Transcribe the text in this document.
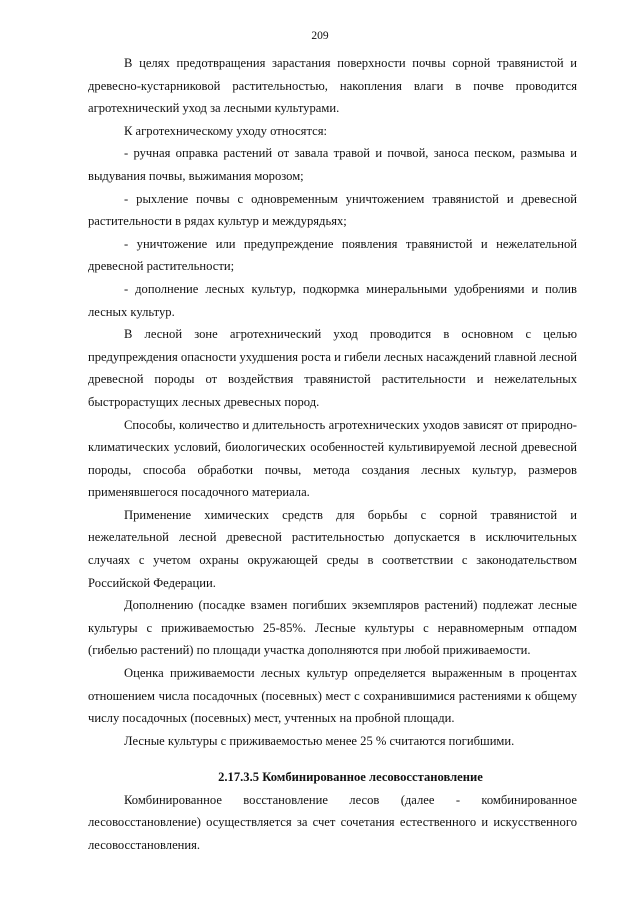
209

В целях предотвращения зарастания поверхности почвы сорной травянистой и древесно-кустарниковой растительностью, накопления влаги в почве проводится агротехнический уход за лесными культурами.

К агротехническому уходу относятся:

- ручная оправка растений от завала травой и почвой, заноса песком, размыва и выдувания почвы, выжимания морозом;

- рыхление почвы с одновременным уничтожением травянистой и древесной растительности в рядах культур и междурядьях;

- уничтожение или предупреждение появления травянистой и нежелательной древесной растительности;

- дополнение лесных культур, подкормка минеральными удобрениями и полив лесных культур.

В лесной зоне агротехнический уход проводится в основном с целью предупреждения опасности ухудшения роста и гибели лесных насаждений главной лесной древесной породы от воздействия травянистой растительности и нежелательных быстрорастущих лесных древесных пород.

Способы, количество и длительность агротехнических уходов зависят от природно-климатических условий, биологических особенностей культивируемой лесной древесной породы, способа обработки почвы, метода создания лесных культур, размеров применявшегося посадочного материала.

Применение химических средств для борьбы с сорной травянистой и нежелательной лесной древесной растительностью допускается в исключительных случаях с учетом охраны окружающей среды в соответствии с законодательством Российской Федерации.

Дополнению (посадке взамен погибших экземпляров растений) подлежат лесные культуры с приживаемостью 25-85%. Лесные культуры с неравномерным отпадом (гибелью растений) по площади участка дополняются при любой приживаемости.

Оценка приживаемости лесных культур определяется выраженным в процентах отношением числа посадочных (посевных) мест с сохранившимися растениями к общему числу посадочных (посевных) мест, учтенных на пробной площади.

Лесные культуры с приживаемостью менее 25 % считаются погибшими.

2.17.3.5 Комбинированное лесовосстановление

Комбинированное восстановление лесов (далее - комбинированное лесовосстановление) осуществляется за счет сочетания естественного и искусственного лесовосстановления.
